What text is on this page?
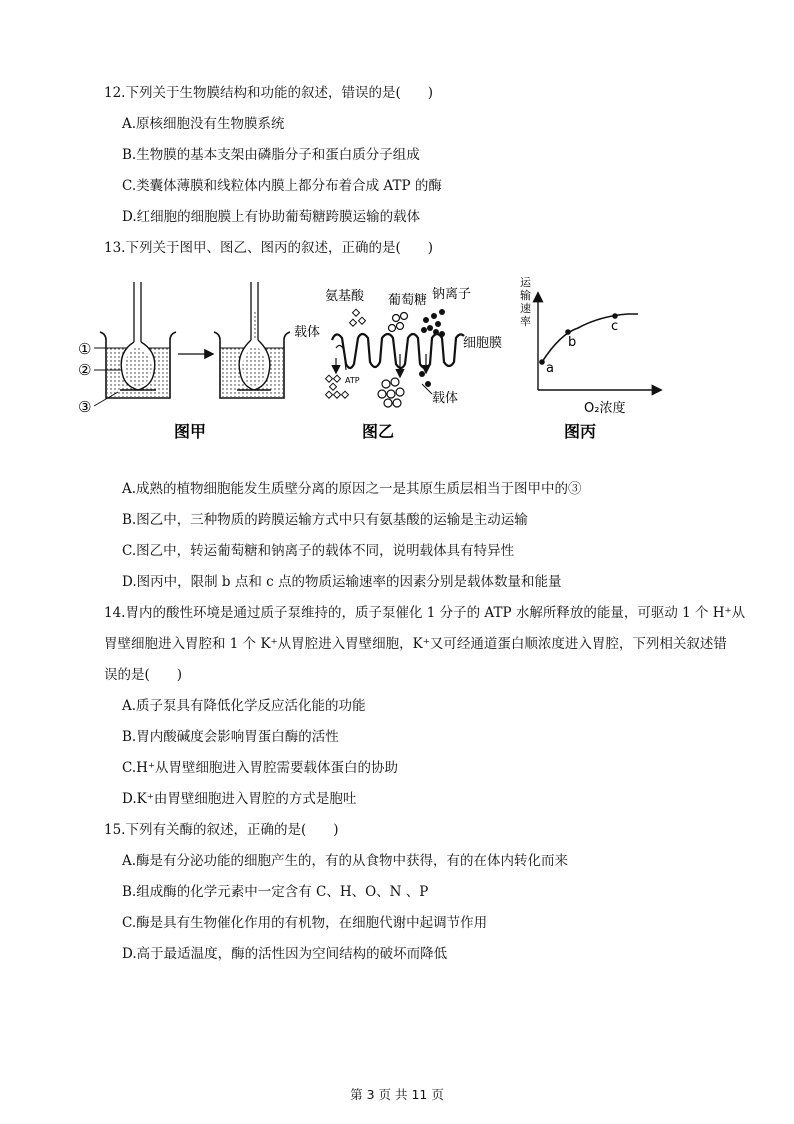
12.下列关于生物膜结构和功能的叙述，错误的是(　　)
A.原核细胞没有生物膜系统
B.生物膜的基本支架由磷脂分子和蛋白质分子组成
C.类囊体薄膜和线粒体内膜上都分布着合成 ATP 的酶
D.红细胞的细胞膜上有协助葡萄糖跨膜运输的载体
13.下列关于图甲、图乙、图丙的叙述，正确的是(　　)
①
②
③
图甲
氨基酸 葡萄糖 钠离子
载体
细胞膜
载体
ATP
图乙
a
b
c
运
输
速
率
O₂浓度
图丙
A.成熟的植物细胞能发生质壁分离的原因之一是其原生质层相当于图甲中的③
B.图乙中，三种物质的跨膜运输方式中只有氨基酸的运输是主动运输
C.图乙中，转运葡萄糖和钠离子的载体不同，说明载体具有特异性
D.图丙中，限制 b 点和 c 点的物质运输速率的因素分别是载体数量和能量
14.胃内的酸性环境是通过质子泵维持的，质子泵催化 1 分子的 ATP 水解所释放的能量，可驱动 1 个 H⁺从
胃壁细胞进入胃腔和 1 个 K⁺从胃腔进入胃壁细胞，K⁺又可经通道蛋白顺浓度进入胃腔，下列相关叙述错
误的是(　　)
A.质子泵具有降低化学反应活化能的功能
B.胃内酸碱度会影响胃蛋白酶的活性
C.H⁺从胃壁细胞进入胃腔需要载体蛋白的协助
D.K⁺由胃壁细胞进入胃腔的方式是胞吐
15.下列有关酶的叙述，正确的是(　　)
A.酶是有分泌功能的细胞产生的，有的从食物中获得，有的在体内转化而来
B.组成酶的化学元素中一定含有 C、H、O、N 、P
C.酶是具有生物催化作用的有机物，在细胞代谢中起调节作用
D.高于最适温度，酶的活性因为空间结构的破坏而降低
第 3 页 共 11 页
